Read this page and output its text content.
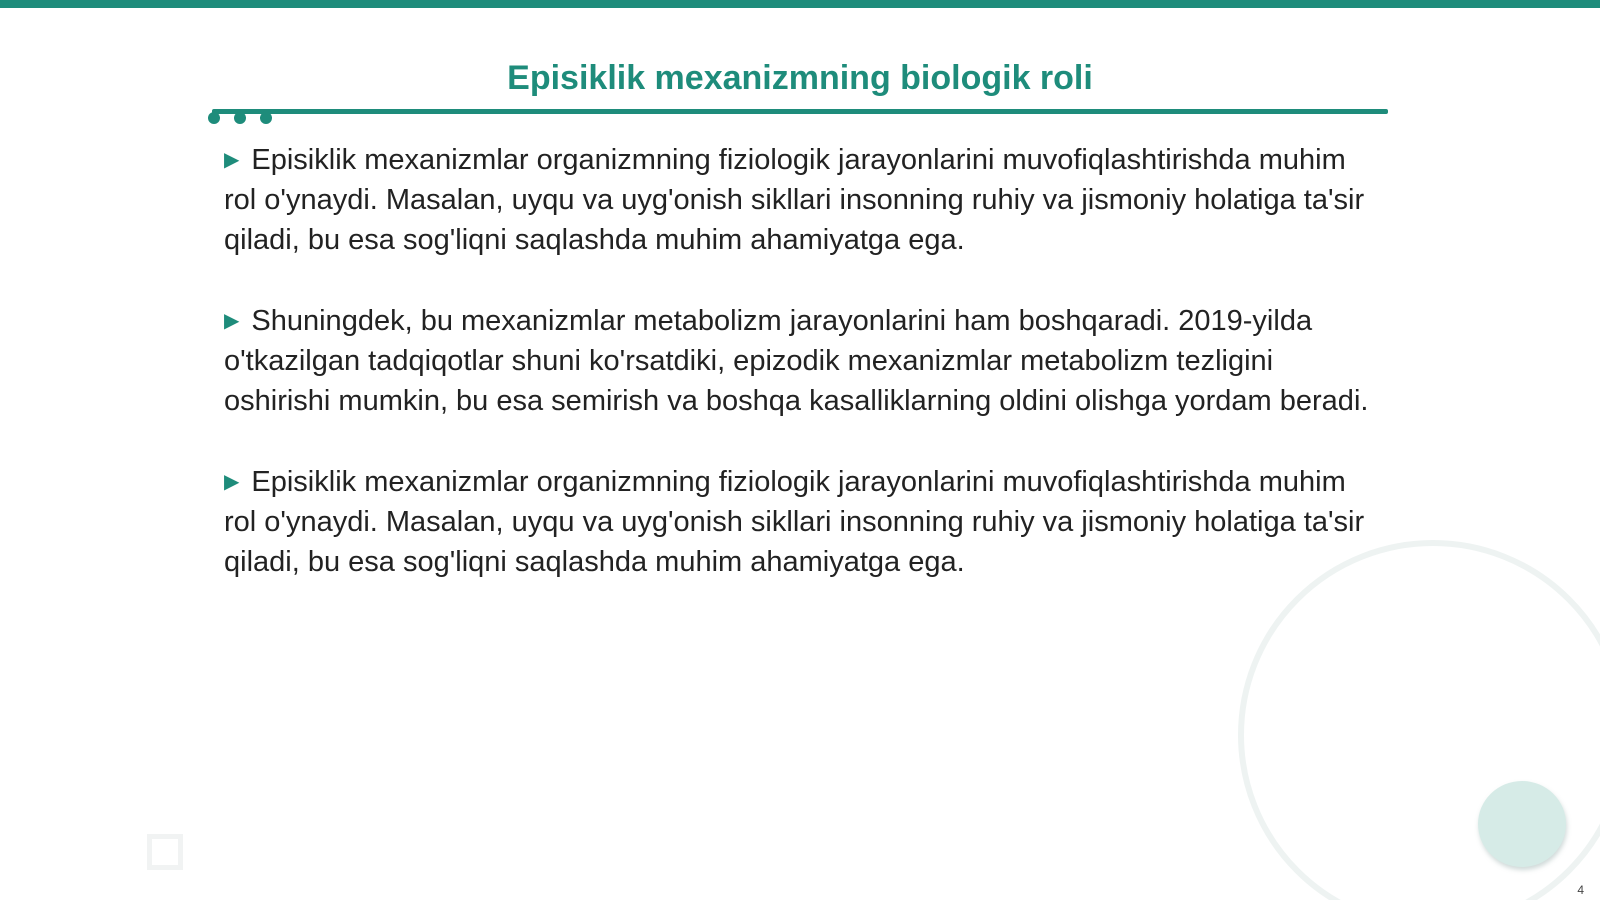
Episiklik mexanizmning biologik roli

▶ Episiklik mexanizmlar organizmning fiziologik jarayonlarini muvofiqlashtirishda muhim rol o'ynaydi. Masalan, uyqu va uyg'onish sikllari insonning ruhiy va jismoniy holatiga ta'sir qiladi, bu esa sog'liqni saqlashda muhim ahamiyatga ega.

▶ Shuningdek, bu mexanizmlar metabolizm jarayonlarini ham boshqaradi. 2019-yilda o'tkazilgan tadqiqotlar shuni ko'rsatdiki, epizodik mexanizmlar metabolizm tezligini oshirishi mumkin, bu esa semirish va boshqa kasalliklarning oldini olishga yordam beradi.

▶ Episiklik mexanizmlar organizmning fiziologik jarayonlarini muvofiqlashtirishda muhim rol o'ynaydi. Masalan, uyqu va uyg'onish sikllari insonning ruhiy va jismoniy holatiga ta'sir qiladi, bu esa sog'liqni saqlashda muhim ahamiyatga ega.

4
